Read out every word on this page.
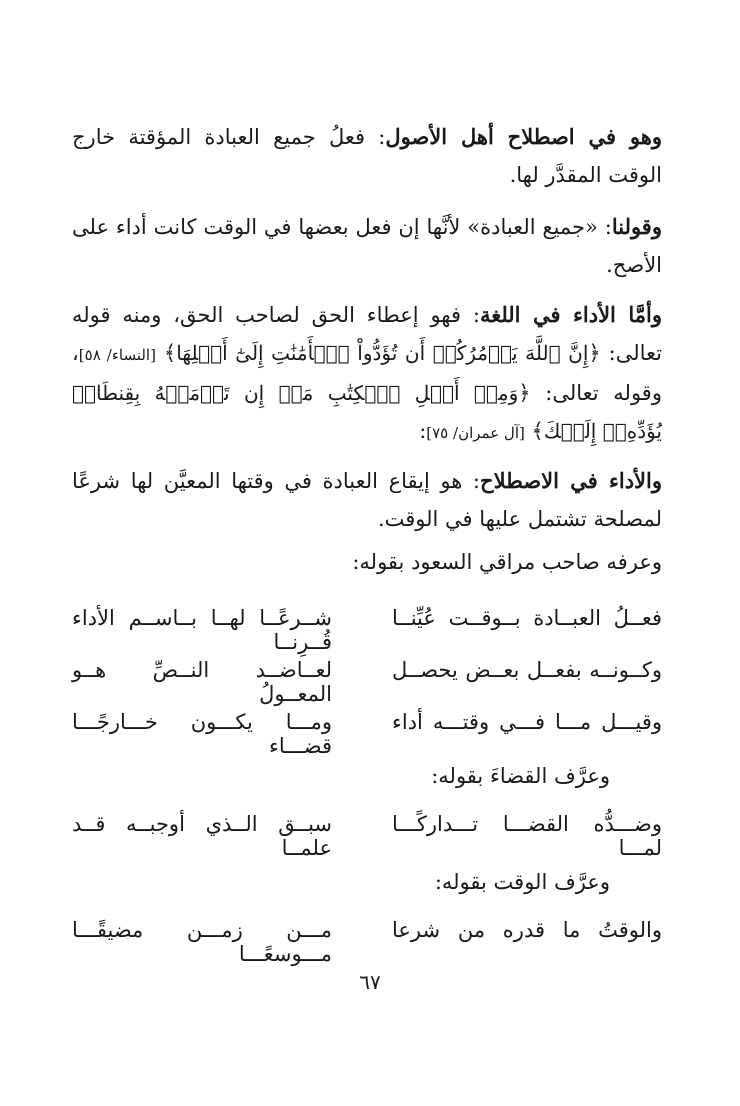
وهو في اصطلاح أهل الأصول: فعلُ جميع العبادة المؤقتة خارج الوقت المقدَّر لها.
وقولنا: «جميع العبادة» لأنَّها إن فعل بعضها في الوقت كانت أداء على الأصح.
وأمَّا الأداء في اللغة: فهو إعطاء الحق لصاحب الحق، ومنه قوله تعالى: ﴿إِنَّ ٱللَّهَ يَأۡمُرُكُمۡ أَن تُؤَدُّواْ ٱلۡأَمَٰنَٰتِ إِلَىٰٓ أَهۡلِهَا﴾ [النساء/ ٥٨]، وقوله تعالى: ﴿وَمِنۡ أَهۡلِ ٱلۡكِتَٰبِ مَنۡ إِن تَأۡمَنۡهُ بِقِنطَارٖ يُؤَدِّهِۦٓ إِلَيۡكَ﴾ [آل عمران/ ٧٥]:
والأداء في الاصطلاح: هو إيقاع العبادة في وقتها المعيَّن لها شرعًا لمصلحة تشتمل عليها في الوقت.
وعرفه صاحب مراقي السعود بقوله:
فعــلُ العبــادة بــوقــت عُيِّنــا
شــرعًــا لهــا بــاســم الأداء قُــرِنــا
وكــونــه بفعــل بعــض يحصــل
لعــاضــد النــصِّ هــو المعــولُ
وقيـــل مـــا فـــي وقتـــه أداء
ومـــا يكـــون خـــارجًـــا قضـــاء
وعرَّف القضاءَ بقوله:
وضـــدُّه القضـــا تـــداركًـــا لمـــا
سبــق الــذي أوجبــه قــد علمــا
وعرَّف الوقت بقوله:
والوقتُ ما قدره من شرعا
مـــن زمـــن مضيقًـــا مـــوسعًـــا
٦٧
